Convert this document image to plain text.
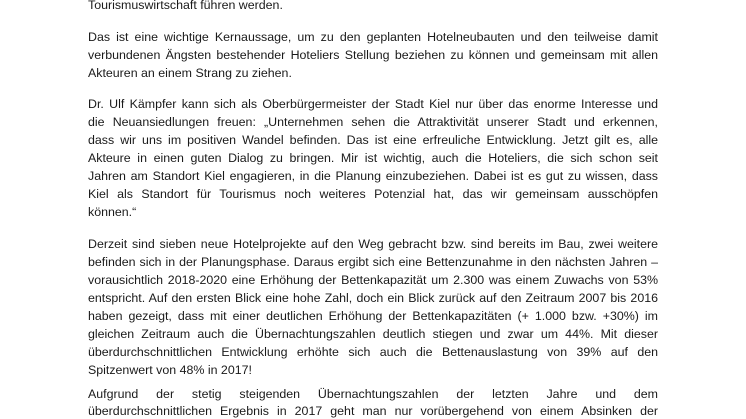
Tourismuswirtschaft führen werden.
Das ist eine wichtige Kernaussage, um zu den geplanten Hotelneubauten und den teilweise damit
verbundenen Ängsten bestehender Hoteliers Stellung beziehen zu können und gemeinsam mit allen
Akteuren an einem Strang zu ziehen.
Dr. Ulf Kämpfer kann sich als Oberbürgermeister der Stadt Kiel nur über das enorme Interesse und
die Neuansiedlungen freuen: „Unternehmen sehen die Attraktivität unserer Stadt und erkennen,
dass wir uns im positiven Wandel befinden. Das ist eine erfreuliche Entwicklung. Jetzt gilt es, alle
Akteure in einen guten Dialog zu bringen. Mir ist wichtig, auch die Hoteliers, die sich schon seit
Jahren am Standort Kiel engagieren, in die Planung einzubeziehen. Dabei ist es gut zu wissen, dass
Kiel als Standort für Tourismus noch weiteres Potenzial hat, das wir gemeinsam ausschöpfen
können.“
Derzeit sind sieben neue Hotelprojekte auf den Weg gebracht bzw. sind bereits im Bau, zwei weitere
befinden sich in der Planungsphase. Daraus ergibt sich eine Bettenzunahme in den nächsten Jahren –
vorausichtlich 2018-2020 eine Erhöhung der Bettenkapazität um 2.300 was einem Zuwachs von 53%
entspricht. Auf den ersten Blick eine hohe Zahl, doch ein Blick zurück auf den Zeitraum 2007 bis 2016
haben gezeigt, dass mit einer deutlichen Erhöhung der Bettenkapazitäten (+ 1.000 bzw. +30%) im
gleichen Zeitraum auch die Übernachtungszahlen deutlich stiegen und zwar um 44%. Mit dieser
überdurchschnittlichen Entwicklung erhöhte sich auch die Bettenauslastung von 39% auf den
Spitzenwert von 48% in 2017!
Aufgrund der stetig steigenden Übernachtungszahlen der letzten Jahre und dem
überdurchschnittlichen Ergebnis in 2017 geht man nur vorübergehend von einem Absinken der
